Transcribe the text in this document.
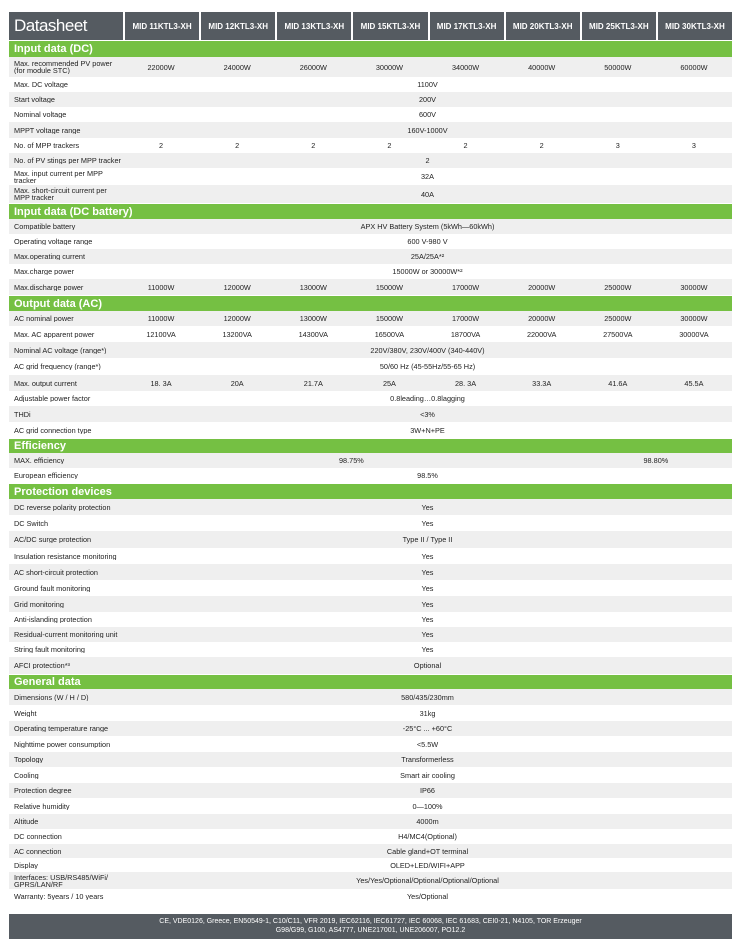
Datasheet	MID 11KTL3-XH	MID 12KTL3-XH	MID 13KTL3-XH	MID 15KTL3-XH	MID 17KTL3-XH	MID 20KTL3-XH	MID 25KTL3-XH	MID 30KTL3-XH
Input data (DC)
Max. recommended PV power (for module STC)	22000W	24000W	26000W	30000W	34000W	40000W	50000W	60000W
Max. DC voltage	1100V
Start voltage	200V
Nominal voltage	600V
MPPT voltage range	160V-1000V
No. of MPP trackers	2	2	2	2	2	2	3	3
No. of PV stings per MPP tracker	2
Max. input current per MPP tracker	32A
Max. short-circuit current per MPP tracker	40A
Input data (DC battery)
Compatible battery	APX HV Battery System (5kWh—60kWh)
Operating voltage range	600 V-980 V
Max.operating current	25A/25A*²
Max.charge power	15000W or 30000W*²
Max.discharge power	11000W	12000W	13000W	15000W	17000W	20000W	25000W	30000W
Output data (AC)
AC nominal power	11000W	12000W	13000W	15000W	17000W	20000W	25000W	30000W
Max. AC apparent power	12100VA	13200VA	14300VA	16500VA	18700VA	22000VA	27500VA	30000VA
Nominal AC voltage (range*)	220V/380V, 230V/400V (340-440V)
AC grid frequency (range*)	50/60 Hz (45-55Hz/55-65 Hz)
Max. output current	18. 3A	20A	21.7A	25A	28. 3A	33.3A	41.6A	45.5A
Adjustable power factor	0.8leading…0.8lagging
THDi	<3%
AC grid connection type	3W+N+PE
Efficiency
MAX. efficiency	98.75%	98.80%
European efficiency	98.5%
Protection devices
DC reverse polarity protection	Yes
DC Switch	Yes
AC/DC surge protection	Type II / Type II
Insulation resistance monitoring	Yes
AC short-circuit protection	Yes
Ground fault monitoring	Yes
Grid monitoring	Yes
Anti-islanding protection	Yes
Residual-current monitoring unit	Yes
String fault monitoring	Yes
AFCI protection*³	Optional
General data
Dimensions (W / H / D)	580/435/230mm
Weight	31kg
Operating temperature range	-25°C ... +60°C
Nighttime power consumption	<5.5W
Topology	Transformerless
Cooling	Smart air cooling
Protection degree	IP66
Relative humidity	0—100%
Altitude	4000m
DC connection	H4/MC4(Optional)
AC connection	Cable gland+OT terminal
Display	OLED+LED/WIFI+APP
Interfaces: USB/RS485/WiFi/ GPRS/LAN/RF	Yes/Yes/Optional/Optional/Optional/Optional
Warranty: 5years / 10 years	Yes/Optional
CE, VDE0126, Greece, EN50549-1, C10/C11, VFR 2019, IEC62116, IEC61727, IEC 60068, IEC 61683, CEI0-21, N4105, TOR Erzeuger
G98/G99, G100, AS4777, UNE217001, UNE206007, PO12.2
